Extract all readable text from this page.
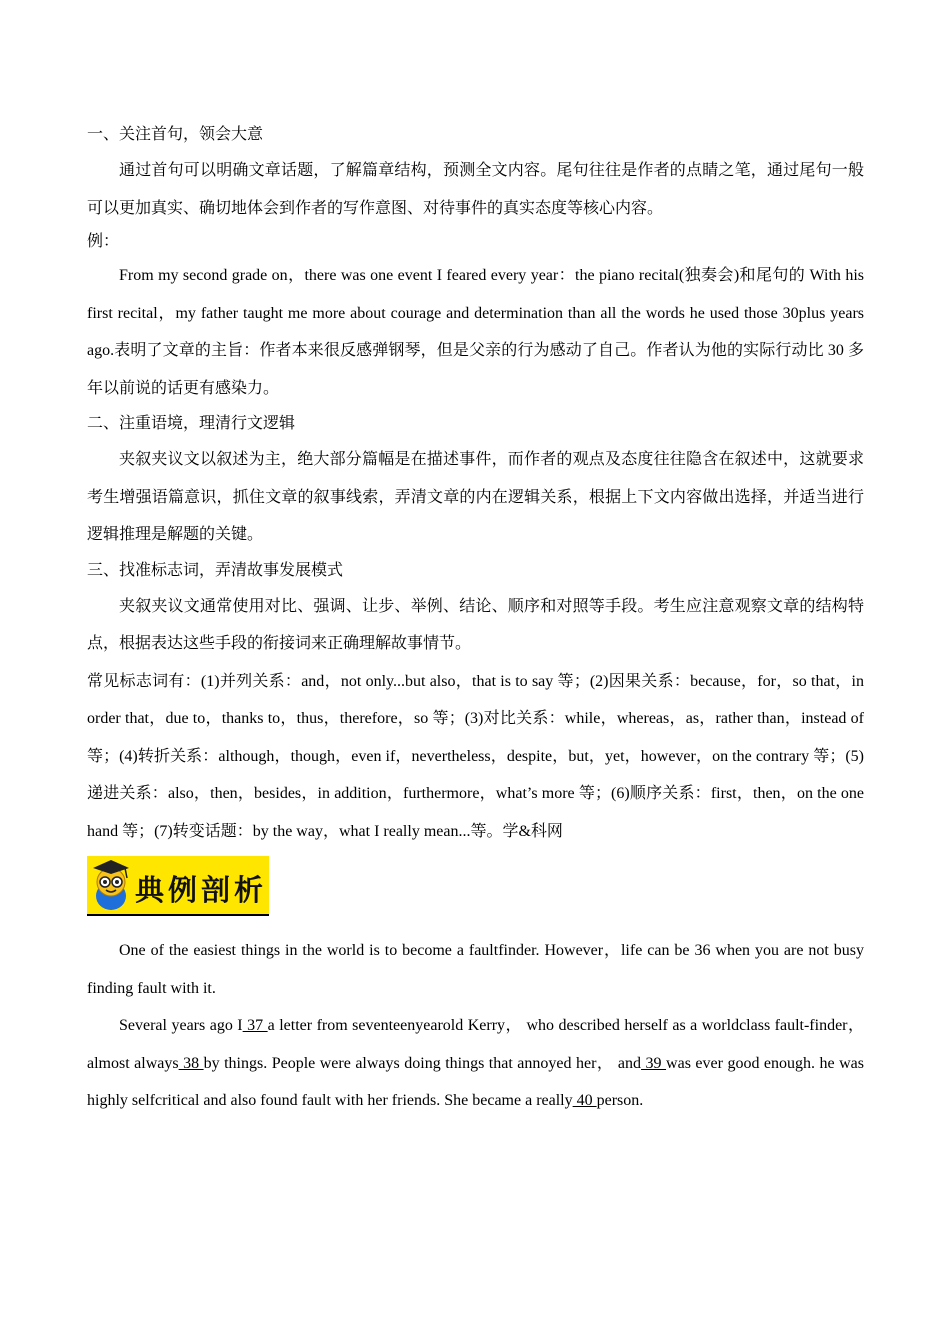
一、关注首句，领会大意

通过首句可以明确文章话题，了解篇章结构，预测全文内容。尾句往往是作者的点睛之笔，通过尾句一般可以更加真实、确切地体会到作者的写作意图、对待事件的真实态度等核心内容。

例：

From my second grade on，there was one event I feared every year：the piano recital(独奏会)和尾句的 With his first recital，my father taught me more about courage and determination than all the words he used those 30plus years ago.表明了文章的主旨：作者本来很反感弹钢琴，但是父亲的行为感动了自己。作者认为他的实际行动比 30 多年以前说的话更有感染力。

二、注重语境，理清行文逻辑

夹叙夹议文以叙述为主，绝大部分篇幅是在描述事件，而作者的观点及态度往往隐含在叙述中，这就要求考生增强语篇意识，抓住文章的叙事线索，弄清文章的内在逻辑关系，根据上下文内容做出选择，并适当进行逻辑推理是解题的关键。

三、找准标志词，弄清故事发展模式

夹叙夹议文通常使用对比、强调、让步、举例、结论、顺序和对照等手段。考生应注意观察文章的结构特点，根据表达这些手段的衔接词来正确理解故事情节。

常见标志词有：(1)并列关系：and，not only...but also，that is to say 等；(2)因果关系：because，for，so that，in order that，due to，thanks to，thus，therefore，so 等；(3)对比关系：while，whereas，as，rather than，instead of 等；(4)转折关系：although，though，even if，nevertheless，despite，but，yet，however，on the contrary 等；(5)递进关系：also，then，besides，in addition，furthermore，what’s more 等；(6)顺序关系：first，then，on the one hand 等；(7)转变话题：by the way，what I really mean...等。学&科网

典例剖析

One of the easiest things in the world is to become a faultfinder. However，life can be 36 when you are not busy finding fault with it.

Several years ago I 37 a letter from seventeenyearold Kerry， who described herself as a worldclass fault-finder， almost always 38 by things. People were always doing things that annoyed her， and 39 was ever good enough. he was highly selfcritical and also found fault with her friends. She became a really 40 person.
